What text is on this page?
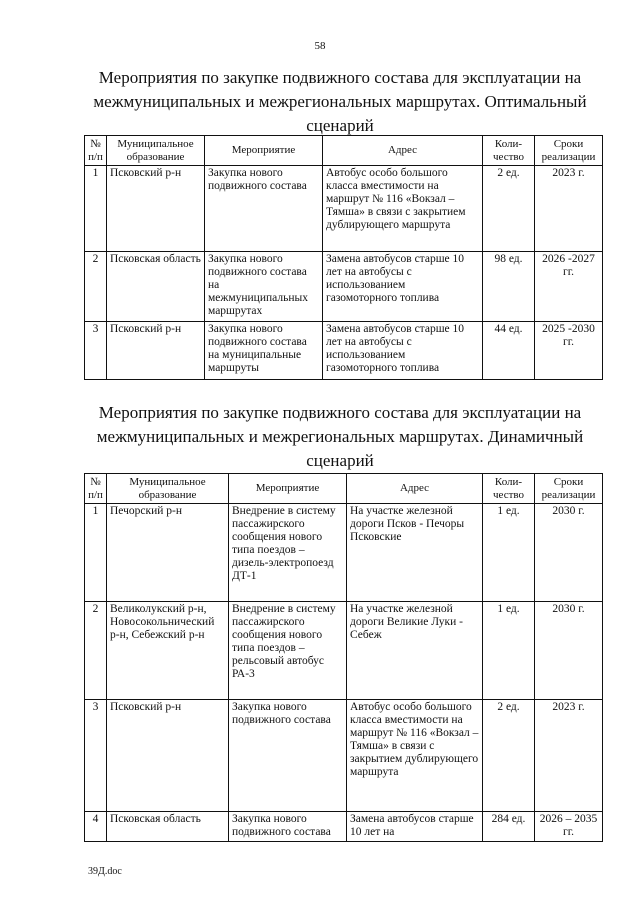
58
Мероприятия по закупке подвижного состава для эксплуатации на
межмуниципальных и межрегиональных маршрутах. Оптимальный
сценарий
№ п/п	Муниципальное образование	Мероприятие	Адрес	Коли-чество	Сроки реализации
1	Псковский р-н	Закупка нового подвижного состава	Автобус особо большого класса вместимости на маршрут № 116 «Вокзал – Тямша» в связи с закрытием дублирующего маршрута	2 ед.	2023 г.
2	Псковская область	Закупка нового подвижного состава на межмуниципальных маршрутах	Замена автобусов старше 10 лет на автобусы с использованием газомоторного топлива	98 ед.	2026 -2027 гг.
3	Псковский р-н	Закупка нового подвижного состава на муниципальные маршруты	Замена автобусов старше 10 лет на автобусы с использованием газомоторного топлива	44 ед.	2025 -2030 гг.
Мероприятия по закупке подвижного состава для эксплуатации на
межмуниципальных и межрегиональных маршрутах. Динамичный
сценарий
№ п/п	Муниципальное образование	Мероприятие	Адрес	Коли-чество	Сроки реализации
1	Печорский р-н	Внедрение в систему пассажирского сообщения нового типа поездов – дизель-электропоезд ДТ-1	На участке железной дороги Псков - Печоры Псковские	1 ед.	2030 г.
2	Великолукский р-н, Новосокольнический р-н, Себежский р-н	Внедрение в систему пассажирского сообщения нового типа поездов – рельсовый автобус РА-3	На участке железной дороги Великие Луки - Себеж	1 ед.	2030 г.
3	Псковский р-н	Закупка нового подвижного состава	Автобус особо большого класса вместимости на маршрут № 116 «Вокзал – Тямша» в связи с закрытием дублирующего маршрута	2 ед.	2023 г.
4	Псковская область	Закупка нового подвижного состава	Замена автобусов старше 10 лет на	284 ед.	2026 – 2035 гг.
39Д.doc
